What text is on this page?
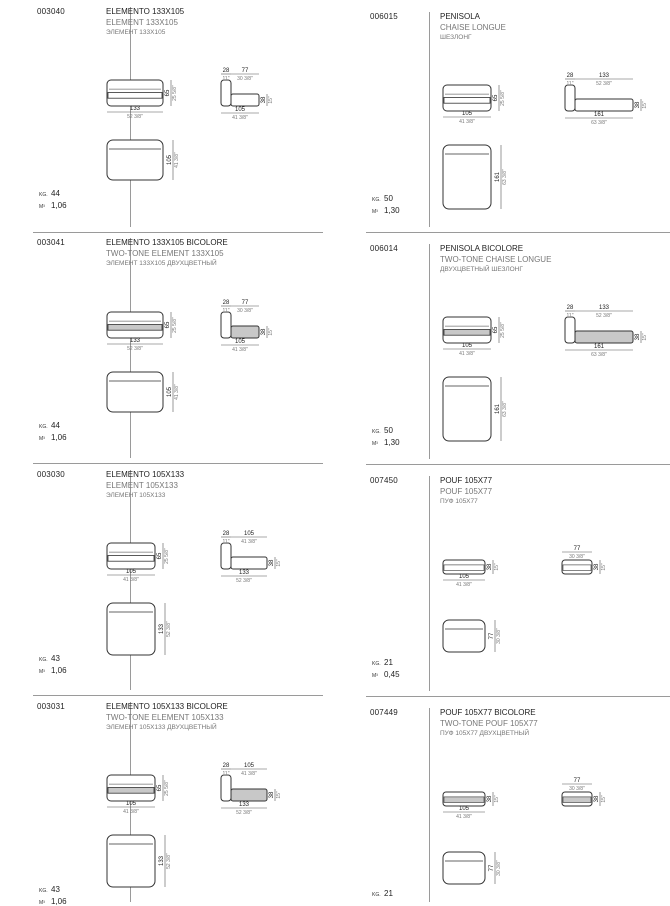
003040	ELEMENTO 133X105
ELEMENT 133X105
ЭЛЕМЕНТ 133X105
KG. 44
M³ 1,06
003041	ELEMENTO 133X105 BICOLORE
TWO-TONE ELEMENT 133X105
ЭЛЕМЕНТ 133X105 ДВУХЦВЕТНЫЙ
KG. 44
M³ 1,06
003030	ELEMENTO 105X133
ELEMENT 105X133
ЭЛЕМЕНТ 105X133
KG. 43
M³ 1,06
003031	ELEMENTO 105X133 BICOLORE
TWO-TONE ELEMENT 105X133
ЭЛЕМЕНТ 105X133 ДВУХЦВЕТНЫЙ
KG. 43
M³ 1,06
006015	PENISOLA
CHAISE LONGUE
ШЕЗЛОНГ
KG. 50
M³ 1,30
006014	PENISOLA BICOLORE
TWO-TONE CHAISE LONGUE
ДВУХЦВЕТНЫЙ ШЕЗЛОНГ
KG. 50
M³ 1,30
007450	POUF 105X77
POUF 105X77
ПУФ 105X77
KG. 21
M³ 0,45
007449	POUF 105X77 BICOLORE
TWO-TONE POUF 105X77
ПУФ 105X77 ДВУХЦВЕТНЫЙ
KG. 21
133
52 3/8"
65 25 5/8"
28
11"
77
30 3/8"
105
41 3/8"
38 15"
105 41 3/8"
133
52 3/8"
65 25 5/8"
28
11"
77
30 3/8"
105
41 3/8"
38 15"
105 41 3/8"
105
41 3/8"
65 25 5/8"
28
11"
105
41 3/8"
133
52 3/8"
38 15"
133 52 3/8"
105
41 3/8"
65 25 5/8"
28
11"
105
41 3/8"
133
52 3/8"
38 15"
133 52 3/8"
105
41 3/8"
65 25 5/8"
28
11"
133
52 3/8"
161
63 3/8"
38 15"
161 63 3/8"
105
41 3/8"
65 25 5/8"
28
11"
133
52 3/8"
161
63 3/8"
38 15"
161 63 3/8"
105
41 3/8"
38 15"
77
30 3/8"
38 15"
77 30 3/8"
105
41 3/8"
38 15"
77
30 3/8"
38 15"
77 30 3/8"
